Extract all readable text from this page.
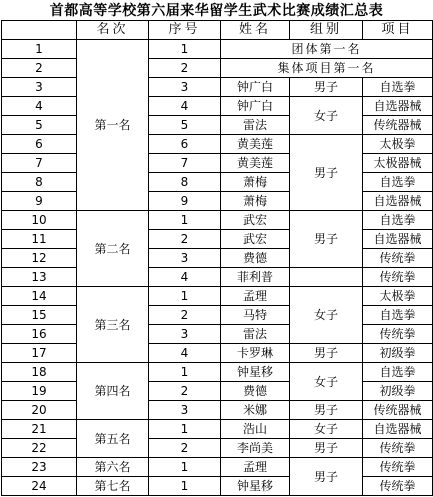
首都高等学校第六届来华留学生武术比赛成绩汇总表
	名次	序号	姓名	组别	项目
1	第一名	1	团体第一名		
2		2	集体项目第一名		
3		3	钟广白	男子	自选拳
4		4	钟广白	女子	自选器械
5		5	雷法		传统器械
6		6	黄美莲	男子	太极拳
7		7	黄美莲		太极器械
8		8	萧梅		自选拳
9		9	萧梅		自选器械
10	第二名	1	武宏	男子	自选拳
11		2	武宏		自选器械
12		3	费德		传统拳
13		4	菲利普		传统拳
14	第三名	1	孟理	女子	太极拳
15		2	马特		自选拳
16		3	雷法		传统拳
17		4	卡罗琳	男子	初级拳
18	第四名	1	钟星移	女子	自选拳
19		2	费德		初级拳
20		3	米娜	男子	传统器械
21	第五名	1	浩山	女子	自选器械
22		2	李尚美	男子	传统拳
23	第六名	1	孟理	男子	传统拳
24	第七名	1	钟星移		传统拳
